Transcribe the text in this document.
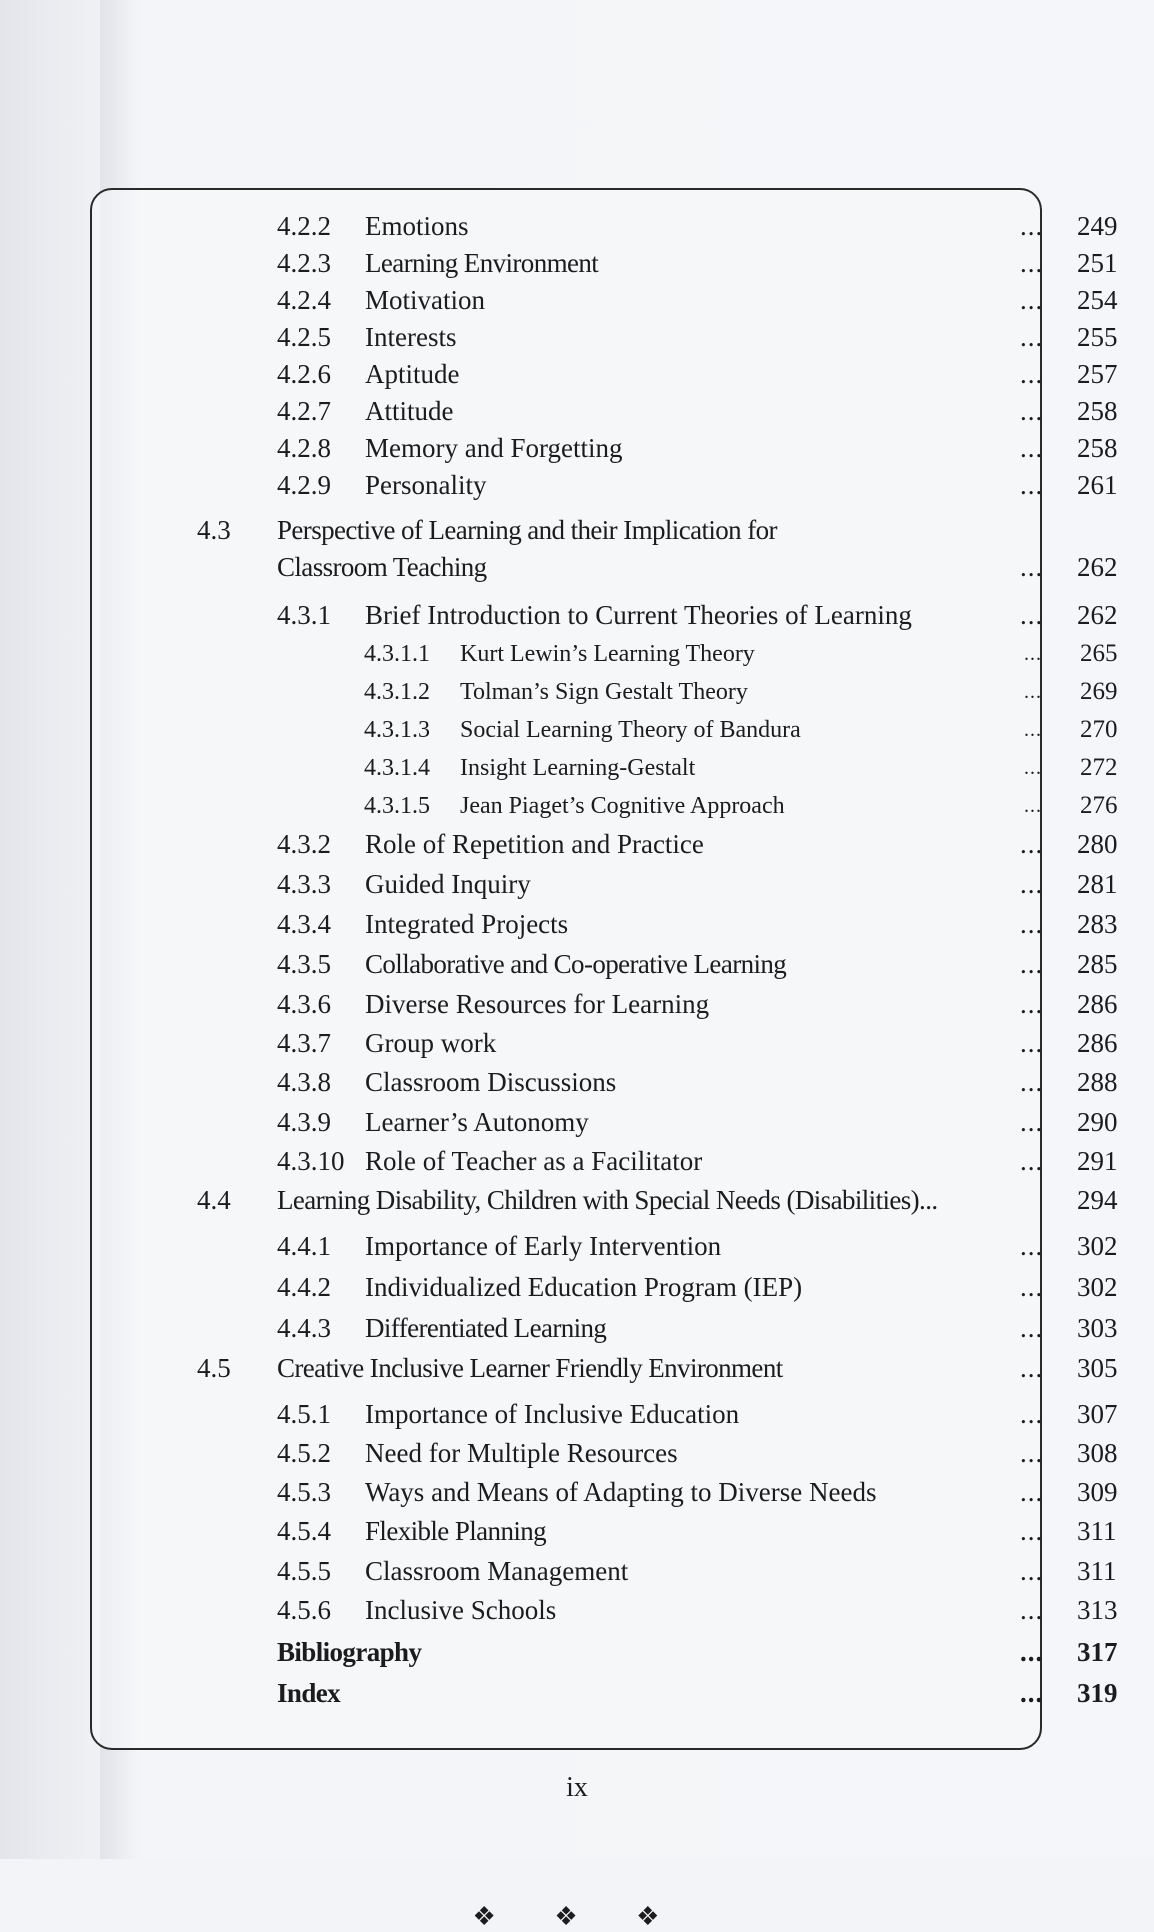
❖ ❖ ❖
4.2.2 Emotions	... 249
4.2.3 Learning Environment	... 251
4.2.4 Motivation	... 254
4.2.5 Interests	... 255
4.2.6 Aptitude	... 257
4.2.7 Attitude	... 258
4.2.8 Memory and Forgetting	... 258
4.2.9 Personality	... 261
4.3 Perspective of Learning and their Implication for
Classroom Teaching	... 262
4.3.1 Brief Introduction to Current Theories of Learning	... 262
4.3.1.1 Kurt Lewin’s Learning Theory	... 265
4.3.1.2 Tolman’s Sign Gestalt Theory	... 269
4.3.1.3 Social Learning Theory of Bandura	... 270
4.3.1.4 Insight Learning-Gestalt	... 272
4.3.1.5 Jean Piaget’s Cognitive Approach	... 276
4.3.2 Role of Repetition and Practice	... 280
4.3.3 Guided Inquiry	... 281
4.3.4 Integrated Projects	... 283
4.3.5 Collaborative and Co-operative Learning	... 285
4.3.6 Diverse Resources for Learning	... 286
4.3.7 Group work	... 286
4.3.8 Classroom Discussions	... 288
4.3.9 Learner’s Autonomy	... 290
4.3.10 Role of Teacher as a Facilitator	... 291
4.4 Learning Disability, Children with Special Needs (Disabilities)...	294
4.4.1 Importance of Early Intervention	... 302
4.4.2 Individualized Education Program (IEP)	... 302
4.4.3 Differentiated Learning	... 303
4.5 Creative Inclusive Learner Friendly Environment	... 305
4.5.1 Importance of Inclusive Education	... 307
4.5.2 Need for Multiple Resources	... 308
4.5.3 Ways and Means of Adapting to Diverse Needs	... 309
4.5.4 Flexible Planning	... 311
4.5.5 Classroom Management	... 311
4.5.6 Inclusive Schools	... 313
Bibliography	... 317
Index	... 319
ix
